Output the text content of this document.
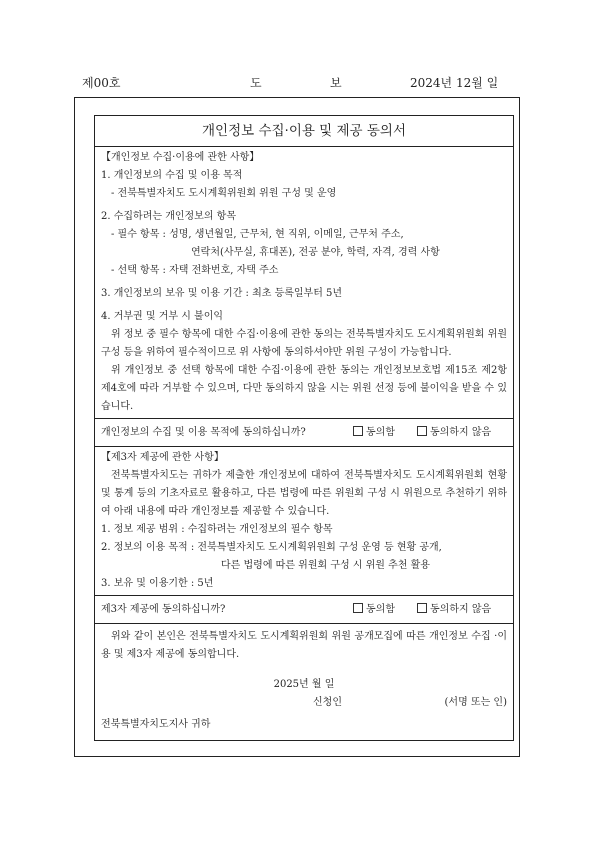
제00호	도	보	2024년 12월 일
개인정보 수집·이용 및 제공 동의서
【개인정보 수집·이용에 관한 사항】
1. 개인정보의 수집 및 이용 목적
- 전북특별자치도 도시계획위원회 위원 구성 및 운영
2. 수집하려는 개인정보의 항목
- 필수 항목 : 성명, 생년월일, 근무처, 현 직위, 이메일, 근무처 주소,
연락처(사무실, 휴대폰), 전공 분야, 학력, 자격, 경력 사항
- 선택 항목 : 자택 전화번호, 자택 주소
3. 개인정보의 보유 및 이용 기간 : 최초 등록일부터 5년
4. 거부권 및 거부 시 불이익
위 정보 중 필수 항목에 대한 수집·이용에 관한 동의는 전북특별자치도 도시계획위원회 위원 구성 등을 위하여 필수적이므로 위 사항에 동의하셔야만 위원 구성이 가능합니다.
위 개인정보 중 선택 항목에 대한 수집·이용에 관한 동의는 개인정보보호법 제15조 제2항 제4호에 따라 거부할 수 있으며, 다만 동의하지 않을 시는 위원 선정 등에 불이익을 받을 수 있습니다.
개인정보의 수집 및 이용 목적에 동의하십니까?	동의함	동의하지 않음
【제3자 제공에 관한 사항】
전북특별자치도는 귀하가 제출한 개인정보에 대하여 전북특별자치도 도시계획위원회 현황 및 통계 등의 기초자료로 활용하고, 다른 법령에 따른 위원회 구성 시 위원으로 추천하기 위하여 아래 내용에 따라 개인정보를 제공할 수 있습니다.
1. 정보 제공 범위 : 수집하려는 개인정보의 필수 항목
2. 정보의 이용 목적 : 전북특별자치도 도시계획위원회 구성 운영 등 현황 공개,
다른 법령에 따른 위원회 구성 시 위원 추천 활용
3. 보유 및 이용기한 : 5년
제3자 제공에 동의하십니까?	동의함	동의하지 않음
위와 같이 본인은 전북특별자치도 도시계획위원회 위원 공개모집에 따른 개인정보 수집 ·이용 및 제3자 제공에 동의합니다.
2025년 월 일
신청인	(서명 또는 인)
전북특별자치도지사 귀하
